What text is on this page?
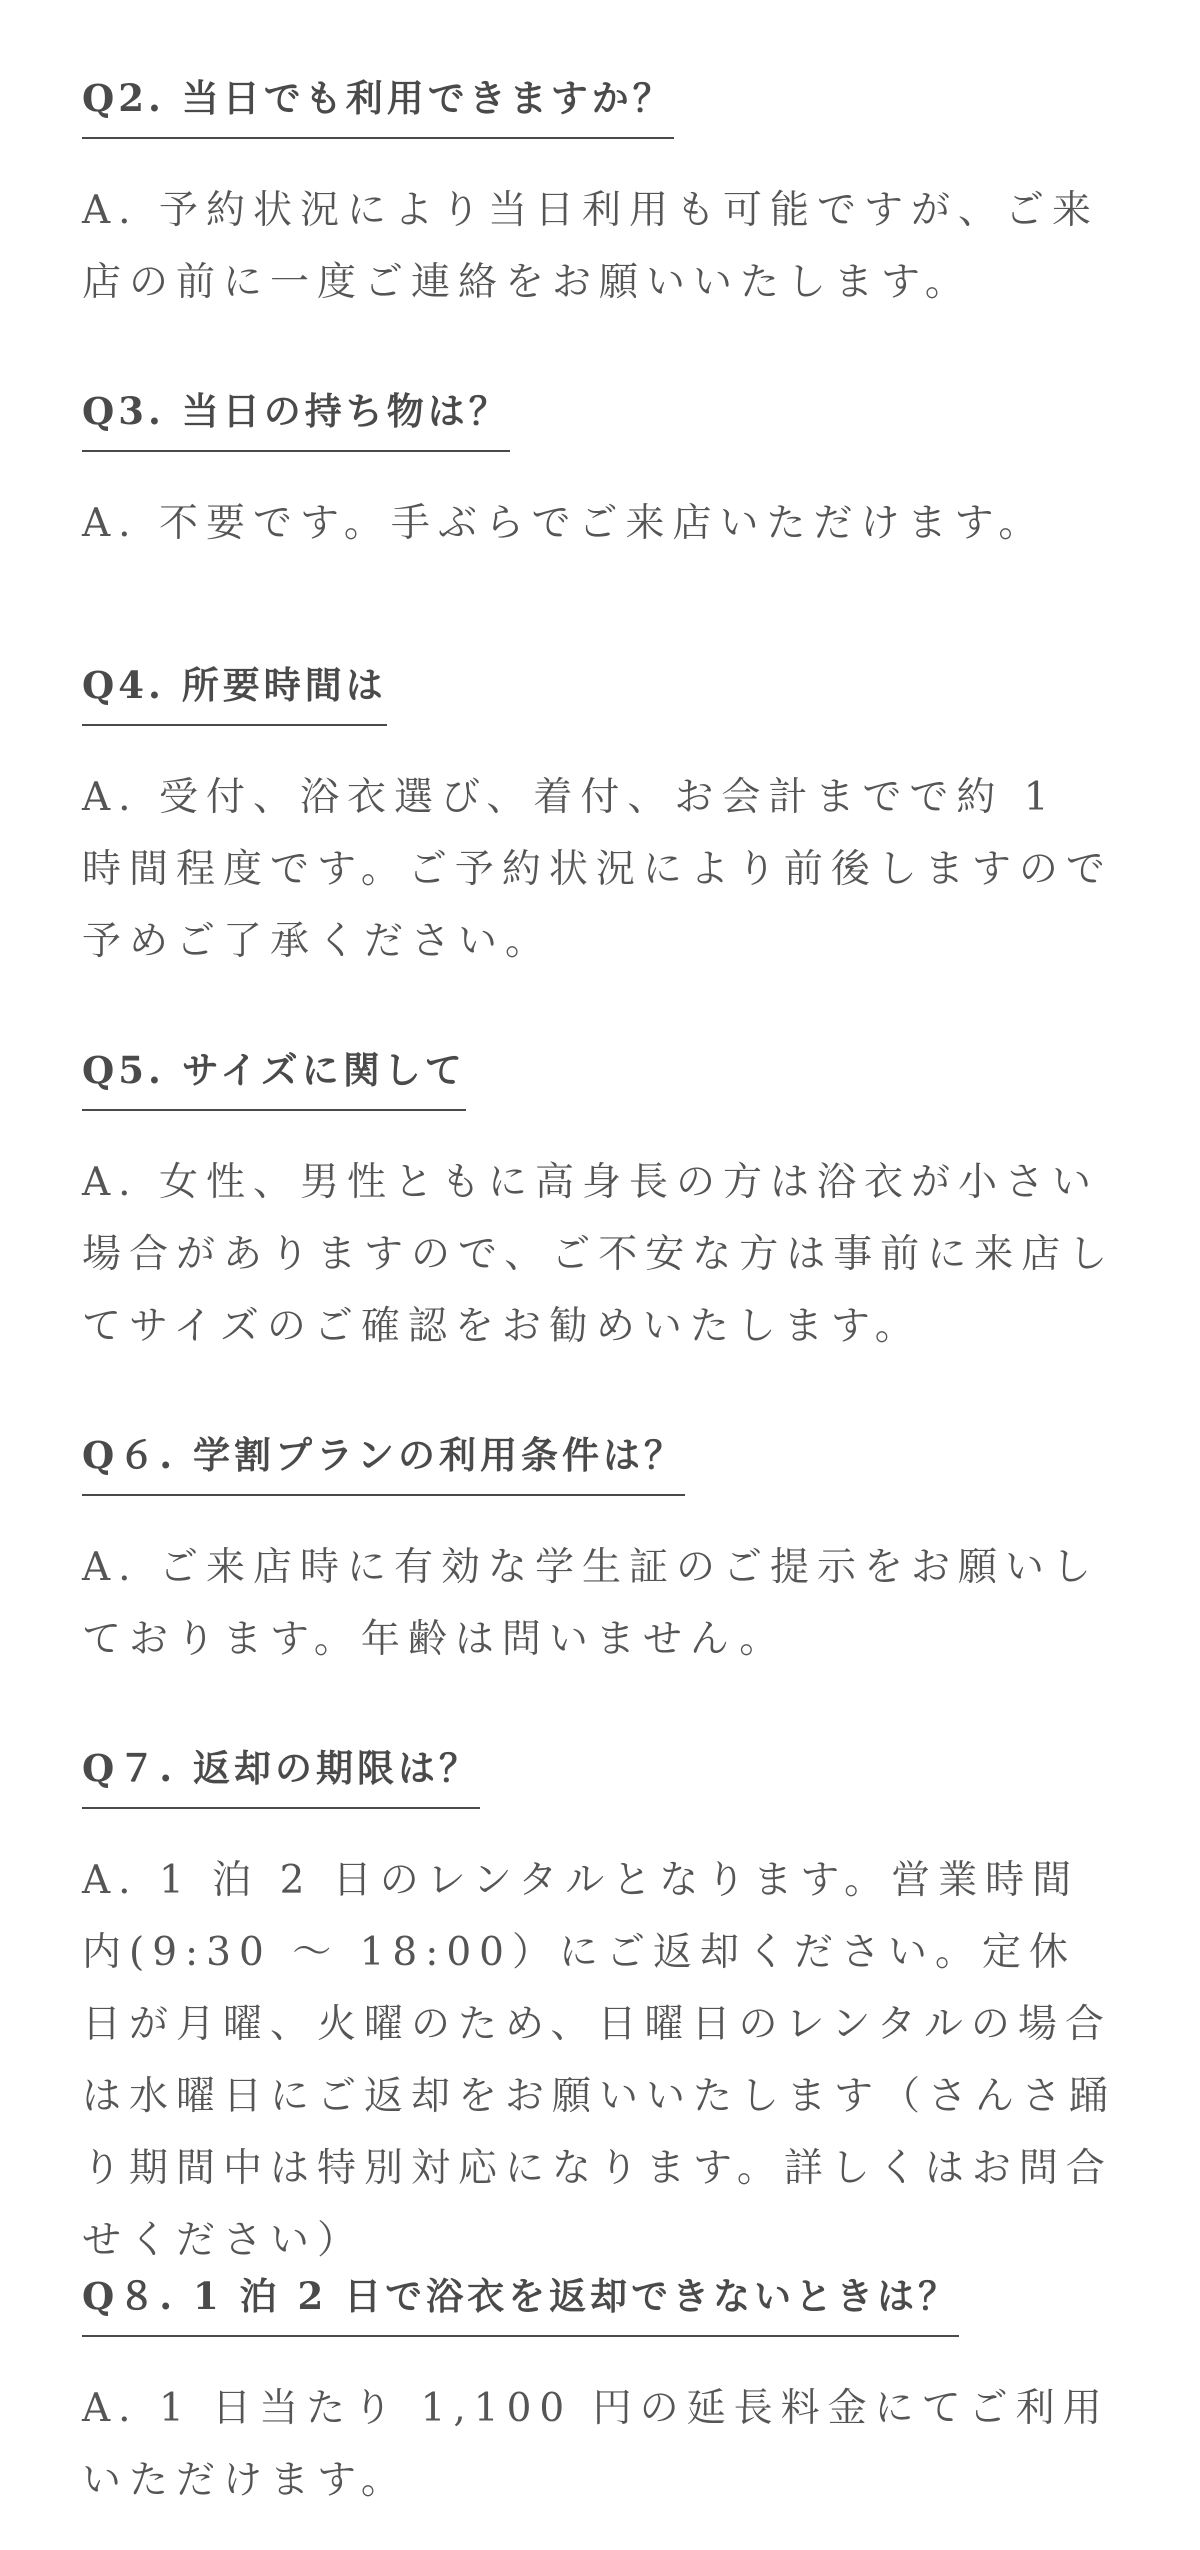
Q2. 当日でも利用できますか？

A. 予約状況により当日利用も可能ですが、ご来店の前に一度ご連絡をお願いいたします。

Q3. 当日の持ち物は？

A. 不要です。手ぶらでご来店いただけます。

Q4. 所要時間は

A. 受付、浴衣選び、着付、お会計までで約 1 時間程度です。ご予約状況により前後しますので予めご了承ください。

Q5. サイズに関して

A. 女性、男性ともに高身長の方は浴衣が小さい場合がありますので、ご不安な方は事前に来店してサイズのご確認をお勧めいたします。

Q６. 学割プランの利用条件は？

A. ご来店時に有効な学生証のご提示をお願いしております。年齢は問いません。

Q７. 返却の期限は？

A. 1 泊 2 日のレンタルとなります。営業時間内(9:30 ～ 18:00）にご返却ください。定休日が月曜、火曜のため、日曜日のレンタルの場合は水曜日にご返却をお願いいたします（さんさ踊り期間中は特別対応になります。詳しくはお問合せください）

Q８. 1 泊 2 日で浴衣を返却できないときは？

A. 1 日当たり 1,100 円の延長料金にてご利用いただけます。
